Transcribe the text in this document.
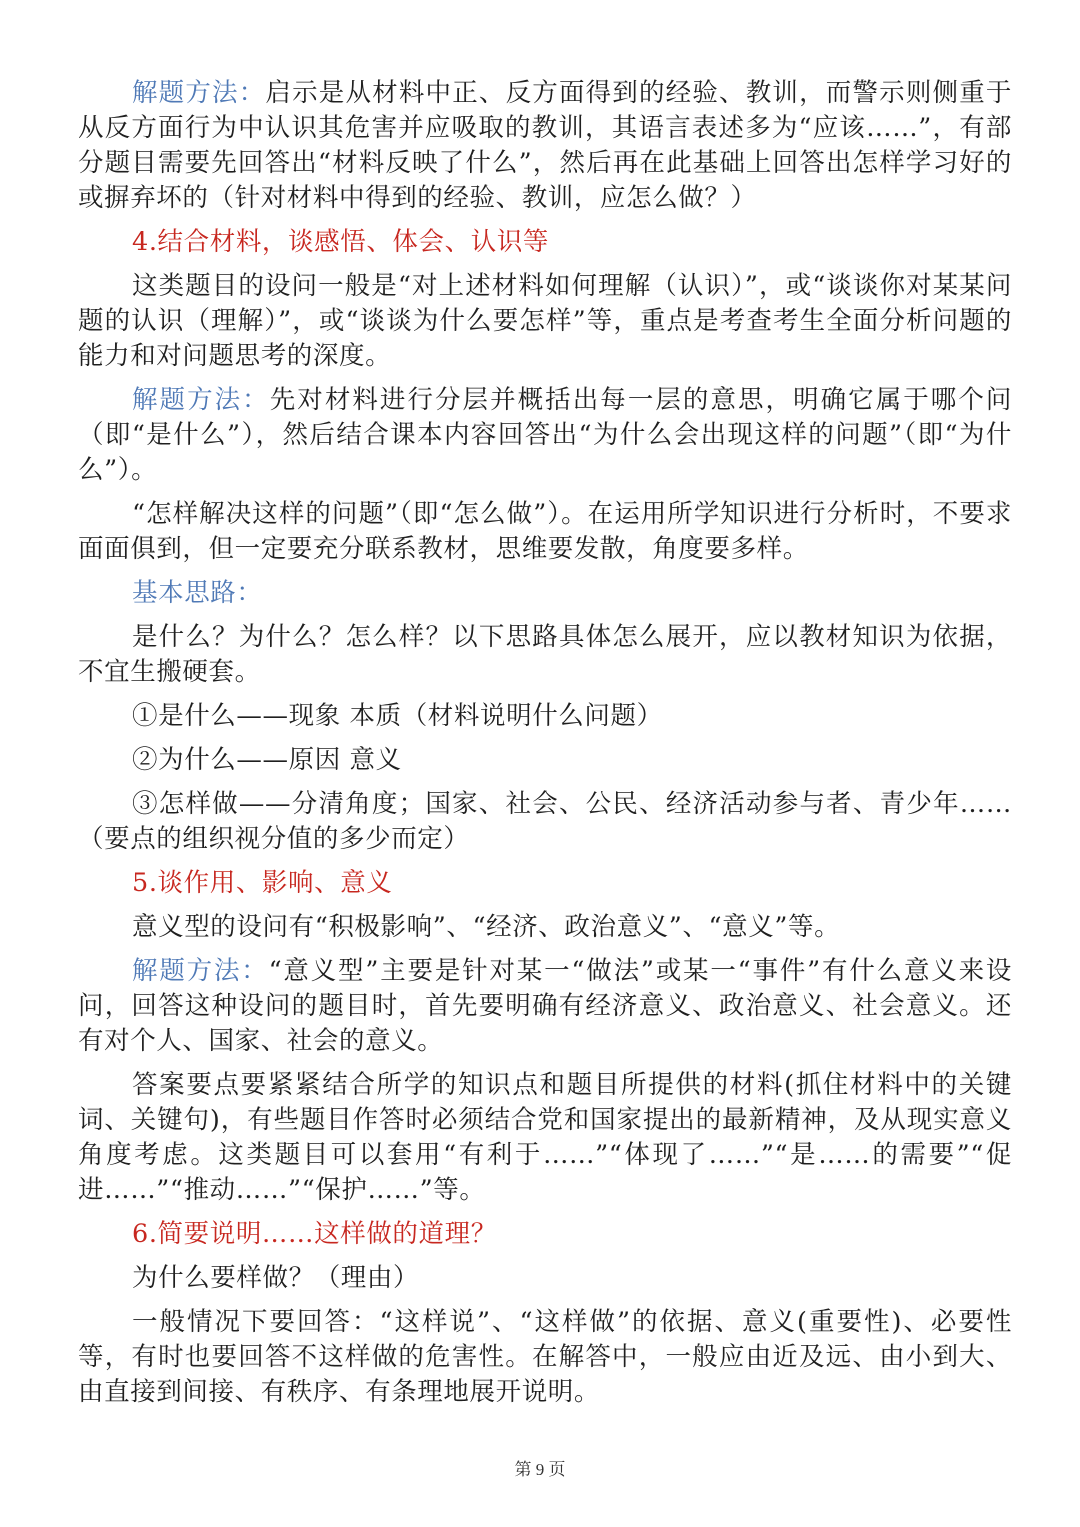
解题方法：启示是从材料中正、反方面得到的经验、教训，而警示则侧重于从反方面行为中认识其危害并应吸取的教训，其语言表述多为“应该……”，有部分题目需要先回答出“材料反映了什么”，然后再在此基础上回答出怎样学习好的或摒弃坏的（针对材料中得到的经验、教训，应怎么做？）

4.结合材料，谈感悟、体会、认识等

这类题目的设问一般是“对上述材料如何理解（认识）”，或“谈谈你对某某问题的认识（理解）”，或“谈谈为什么要怎样”等，重点是考查考生全面分析问题的能力和对问题思考的深度。

解题方法：先对材料进行分层并概括出每一层的意思，明确它属于哪个问（即“是什么”），然后结合课本内容回答出“为什么会出现这样的问题”（即“为什么”）。

“怎样解决这样的问题”（即“怎么做”）。在运用所学知识进行分析时，不要求面面俱到，但一定要充分联系教材，思维要发散，角度要多样。

基本思路：

是什么？为什么？怎么样？以下思路具体怎么展开，应以教材知识为依据，不宜生搬硬套。

①是什么——现象 本质（材料说明什么问题）

②为什么——原因 意义

③怎样做——分清角度；国家、社会、公民、经济活动参与者、青少年……（要点的组织视分值的多少而定）

5.谈作用、影响、意义

意义型的设问有“积极影响”、“经济、政治意义”、“意义”等。

解题方法：“意义型”主要是针对某一“做法”或某一“事件”有什么意义来设问，回答这种设问的题目时，首先要明确有经济意义、政治意义、社会意义。还有对个人、国家、社会的意义。

答案要点要紧紧结合所学的知识点和题目所提供的材料(抓住材料中的关键词、关键句)，有些题目作答时必须结合党和国家提出的最新精神，及从现实意义角度考虑。这类题目可以套用“有利于……”“体现了……”“是……的需要”“促进……”“推动……”“保护……”等。

6.简要说明……这样做的道理？

为什么要样做？（理由）

一般情况下要回答：“这样说”、“这样做”的依据、意义(重要性)、必要性等，有时也要回答不这样做的危害性。在解答中，一般应由近及远、由小到大、由直接到间接、有秩序、有条理地展开说明。

第 9 页
